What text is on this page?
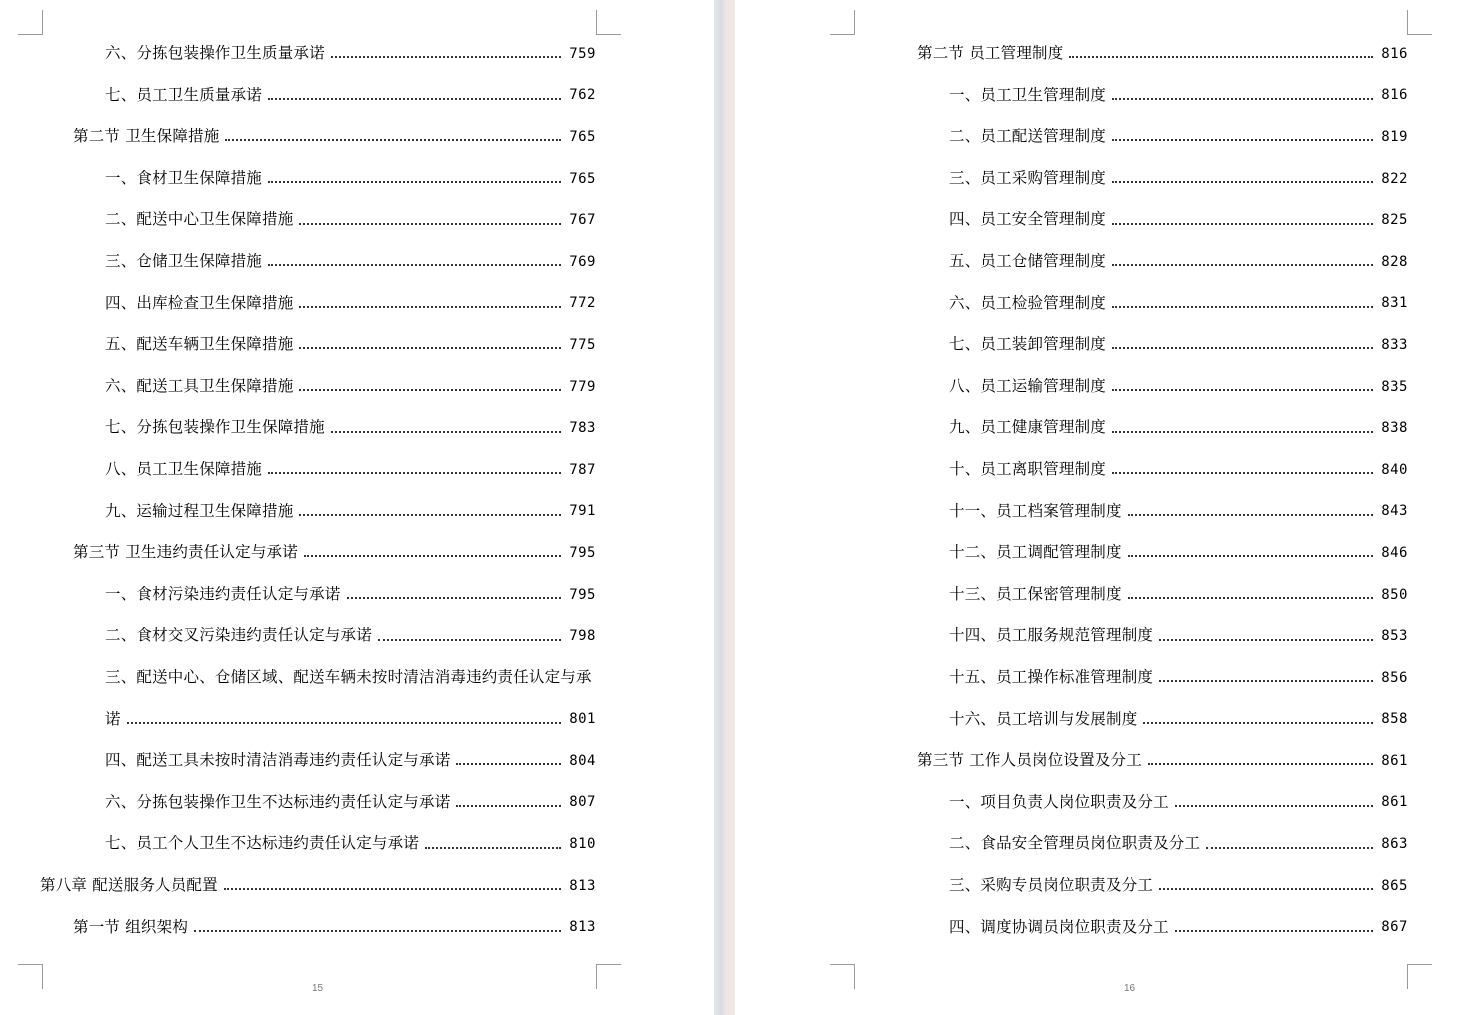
六、分拣包装操作卫生质量承诺	759
七、员工卫生质量承诺	762
第二节 卫生保障措施	765
一、食材卫生保障措施	765
二、配送中心卫生保障措施	767
三、仓储卫生保障措施	769
四、出库检查卫生保障措施	772
五、配送车辆卫生保障措施	775
六、配送工具卫生保障措施	779
七、分拣包装操作卫生保障措施	783
八、员工卫生保障措施	787
九、运输过程卫生保障措施	791
第三节 卫生违约责任认定与承诺	795
一、食材污染违约责任认定与承诺	795
二、食材交叉污染违约责任认定与承诺	798
三、配送中心、仓储区域、配送车辆未按时清洁消毒违约责任认定与承
诺	801
四、配送工具未按时清洁消毒违约责任认定与承诺	804
六、分拣包装操作卫生不达标违约责任认定与承诺	807
七、员工个人卫生不达标违约责任认定与承诺	810
第八章 配送服务人员配置	813
第一节 组织架构	813
15
第二节 员工管理制度	816
一、员工卫生管理制度	816
二、员工配送管理制度	819
三、员工采购管理制度	822
四、员工安全管理制度	825
五、员工仓储管理制度	828
六、员工检验管理制度	831
七、员工装卸管理制度	833
八、员工运输管理制度	835
九、员工健康管理制度	838
十、员工离职管理制度	840
十一、员工档案管理制度	843
十二、员工调配管理制度	846
十三、员工保密管理制度	850
十四、员工服务规范管理制度	853
十五、员工操作标准管理制度	856
十六、员工培训与发展制度	858
第三节 工作人员岗位设置及分工	861
一、项目负责人岗位职责及分工	861
二、食品安全管理员岗位职责及分工	863
三、采购专员岗位职责及分工	865
四、调度协调员岗位职责及分工	867
16
